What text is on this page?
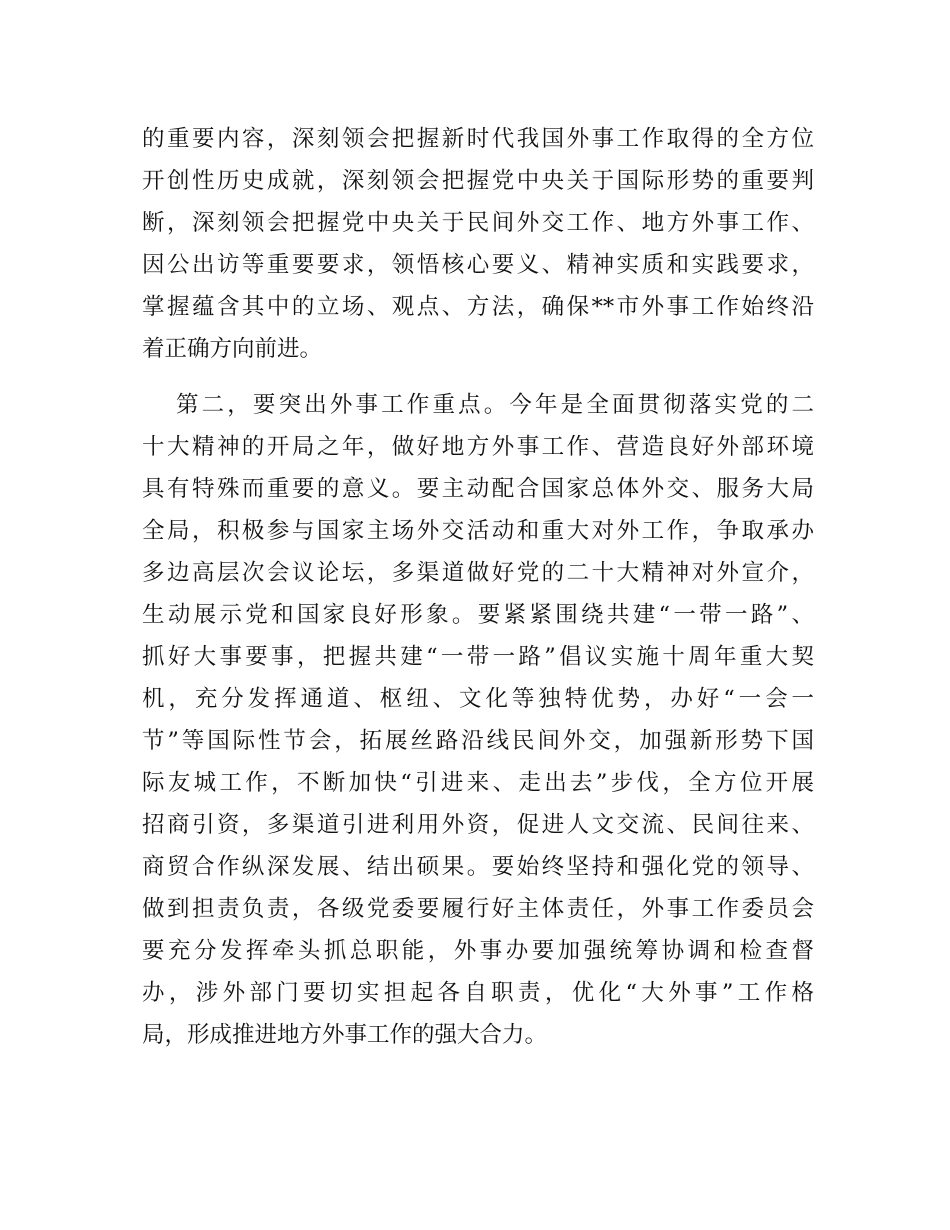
的重要内容，深刻领会把握新时代我国外事工作取得的全方位
开创性历史成就，深刻领会把握党中央关于国际形势的重要判
断，深刻领会把握党中央关于民间外交工作、地方外事工作、
因公出访等重要要求，领悟核心要义、精神实质和实践要求，
掌握蕴含其中的立场、观点、方法，确保**市外事工作始终沿
着正确方向前进。
第二，要突出外事工作重点。今年是全面贯彻落实党的二
十大精神的开局之年，做好地方外事工作、营造良好外部环境
具有特殊而重要的意义。要主动配合国家总体外交、服务大局
全局，积极参与国家主场外交活动和重大对外工作，争取承办
多边高层次会议论坛，多渠道做好党的二十大精神对外宣介，
生动展示党和国家良好形象。要紧紧围绕共建“一带一路”、
抓好大事要事，把握共建“一带一路”倡议实施十周年重大契
机，充分发挥通道、枢纽、文化等独特优势，办好“一会一
节”等国际性节会，拓展丝路沿线民间外交，加强新形势下国
际友城工作，不断加快“引进来、走出去”步伐，全方位开展
招商引资，多渠道引进利用外资，促进人文交流、民间往来、
商贸合作纵深发展、结出硕果。要始终坚持和强化党的领导、
做到担责负责，各级党委要履行好主体责任，外事工作委员会
要充分发挥牵头抓总职能，外事办要加强统筹协调和检查督
办，涉外部门要切实担起各自职责，优化“大外事”工作格
局，形成推进地方外事工作的强大合力。
